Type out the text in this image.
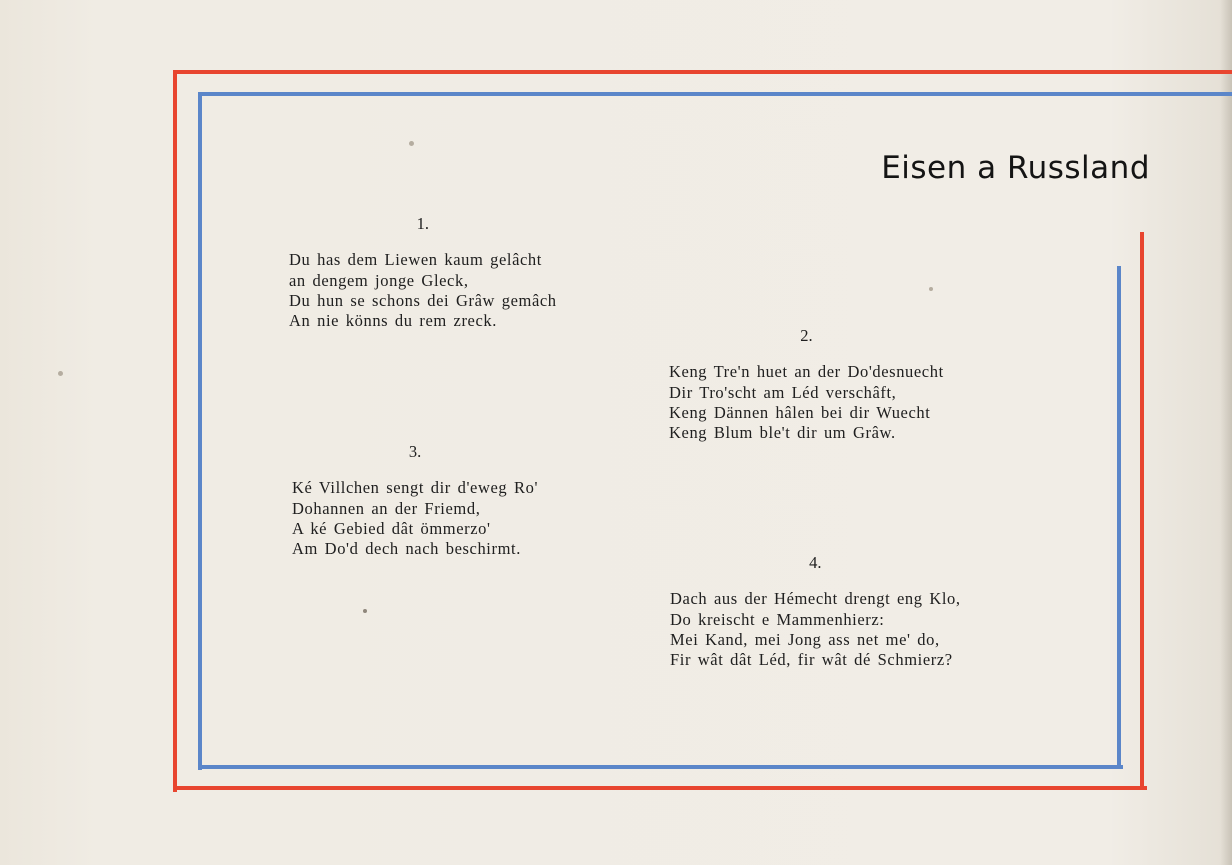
Eisen a Russland
1.
Du has dem Liewen kaum gelâcht
an dengem jonge Gleck,
Du hun se schons dei Grâw gemâch
An nie könns du rem zreck.
2.
Keng Tre'n huet an der Do'desnuecht
Dir Tro'scht am Léd verschâft,
Keng Dännen hâlen bei dir Wuecht
Keng Blum ble't dir um Grâw.
3.
Ké Villchen sengt dir d'eweg Ro'
Dohannen an der Friemd,
A ké Gebied dât ömmerzo'
Am Do'd dech nach beschirmt.
4.
Dach aus der Hémecht drengt eng Klo,
Do kreischt e Mammenhierz:
Mei Kand, mei Jong ass net me' do,
Fir wât dât Léd, fir wât dé Schmierz?
